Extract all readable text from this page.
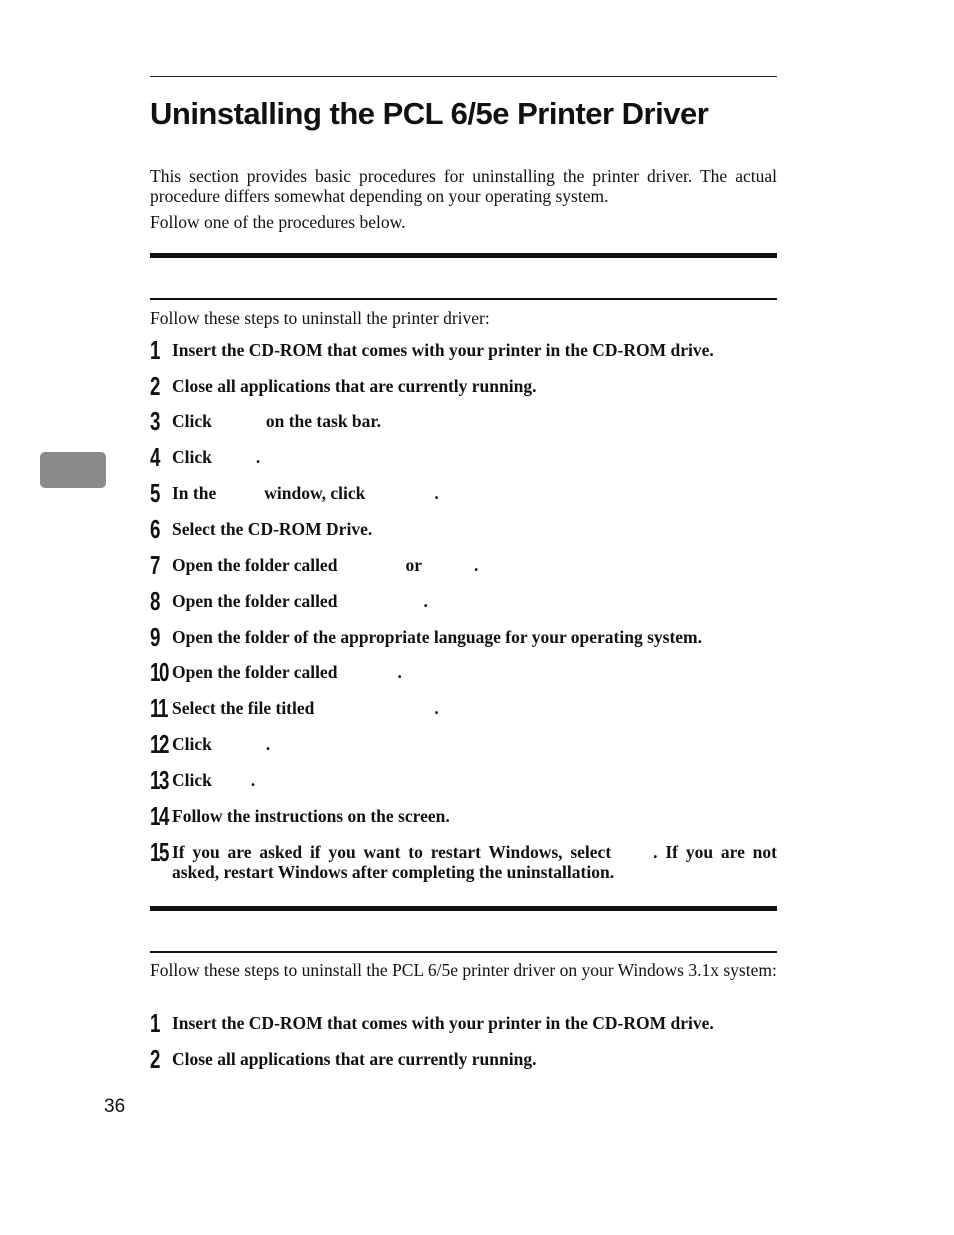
Uninstalling the PCL 6/5e Printer Driver
This section provides basic procedures for uninstalling the printer driver. The actual procedure differs somewhat depending on your operating system.
Follow one of the procedures below.
Follow these steps to uninstall the printer driver:
1 Insert the CD-ROM that comes with your printer in the CD-ROM drive.
2 Close all applications that are currently running.
3 Click	on the task bar.
4 Click	.
5 In the	window, click	.
6 Select the CD-ROM Drive.
7 Open the folder called	or	.
8 Open the folder called	.
9 Open the folder of the appropriate language for your operating system.
10 Open the folder called	.
11 Select the file titled	.
12 Click	.
13 Click .
14 Follow the instructions on the screen.
15 If you are asked if you want to restart Windows, select . If you are not asked, restart Windows after completing the uninstallation.
Follow these steps to uninstall the PCL 6/5e printer driver on your Windows 3.1x system:
1 Insert the CD-ROM that comes with your printer in the CD-ROM drive.
2 Close all applications that are currently running.
36
